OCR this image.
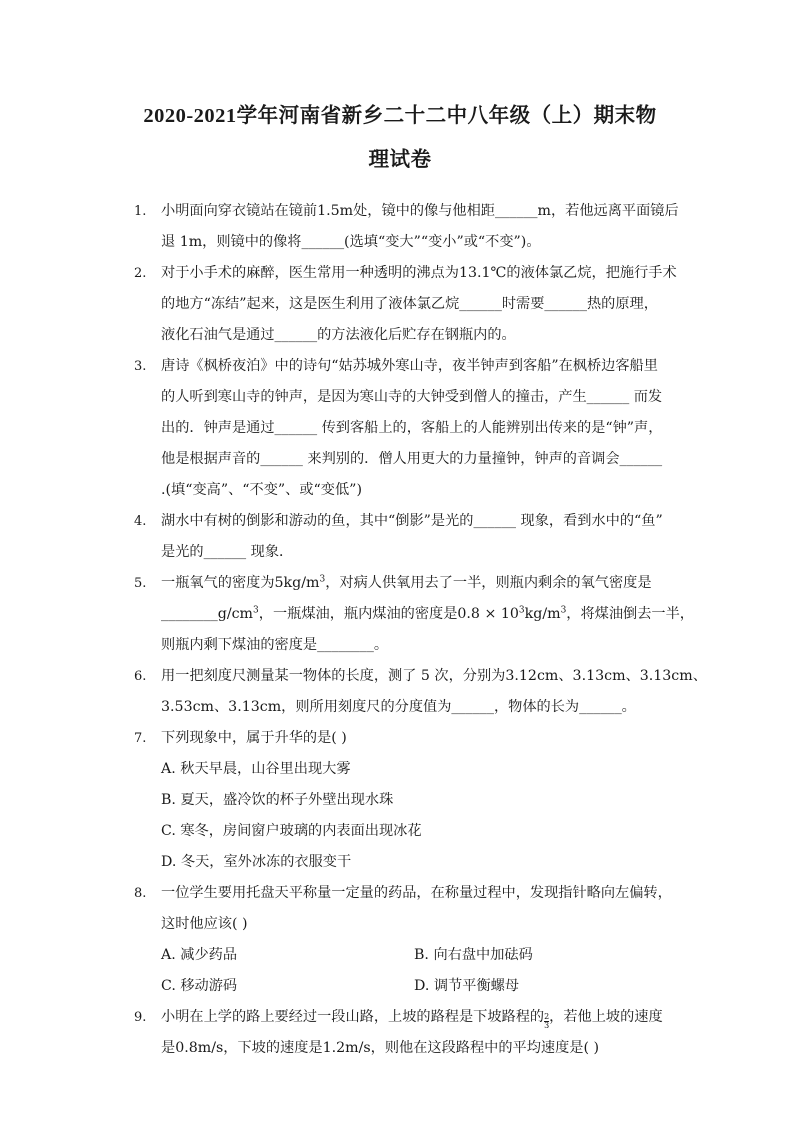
2020-2021学年河南省新乡二十二中八年级（上）期末物
理试卷
1.	小明面向穿衣镜站在镜前1.5m处，镜中的像与他相距______m，若他远离平面镜后
退 1m，则镜中的像将______(选填“变大”“变小”或“不变”)。
2.	对于小手术的麻醉，医生常用一种透明的沸点为13.1℃的液体氯乙烷，把施行手术
的地方“冻结”起来，这是医生利用了液体氯乙烷______时需要______热的原理，
液化石油气是通过______的方法液化后贮存在钢瓶内的。
3.	唐诗《枫桥夜泊》中的诗句“姑苏城外寒山寺，夜半钟声到客船”在枫桥边客船里
的人听到寒山寺的钟声，是因为寒山寺的大钟受到僧人的撞击，产生______ 而发
出的．钟声是通过______ 传到客船上的，客船上的人能辨别出传来的是“钟”声，
他是根据声音的______ 来判别的．僧人用更大的力量撞钟，钟声的音调会______
.(填“变高”、“不变”、或“变低”)
4.	湖水中有树的倒影和游动的鱼，其中“倒影”是光的______ 现象，看到水中的“鱼”
是光的______ 现象．
5.	一瓶氧气的密度为$5kg/m^3$，对病人供氧用去了一半，则瓶内剩余的氧气密度是
$\_\_\_\_\_\_\_\_g/cm^3$，一瓶煤油，瓶内煤油的密度是$0.8 \times 10^3kg/m^3$，将煤油倒去一半，
则瓶内剩下煤油的密度是________。
6.	用一把刻度尺测量某一物体的长度，测了 5 次，分别为3.12cm、3.13cm、3.13cm、
3.53cm、3.13cm，则所用刻度尺的分度值为______，物体的长为______。
7.	下列现象中，属于升华的是( )
A. 秋天早晨，山谷里出现大雾
B. 夏天，盛冷饮的杯子外壁出现水珠
C. 寒冬，房间窗户玻璃的内表面出现冰花
D. 冬天，室外冰冻的衣服变干
8.	一位学生要用托盘天平称量一定量的药品，在称量过程中，发现指针略向左偏转，
这时他应该( )
A. 减少药品	B. 向右盘中加砝码
C. 移动游码	D. 调节平衡螺母
9.	小明在上学的路上要经过一段山路，上坡的路程是下坡路程的 $\frac{2}{3}$ ，若他上坡的速度
是0.8m/s，下坡的速度是1.2m/s，则他在这段路程中的平均速度是( )
